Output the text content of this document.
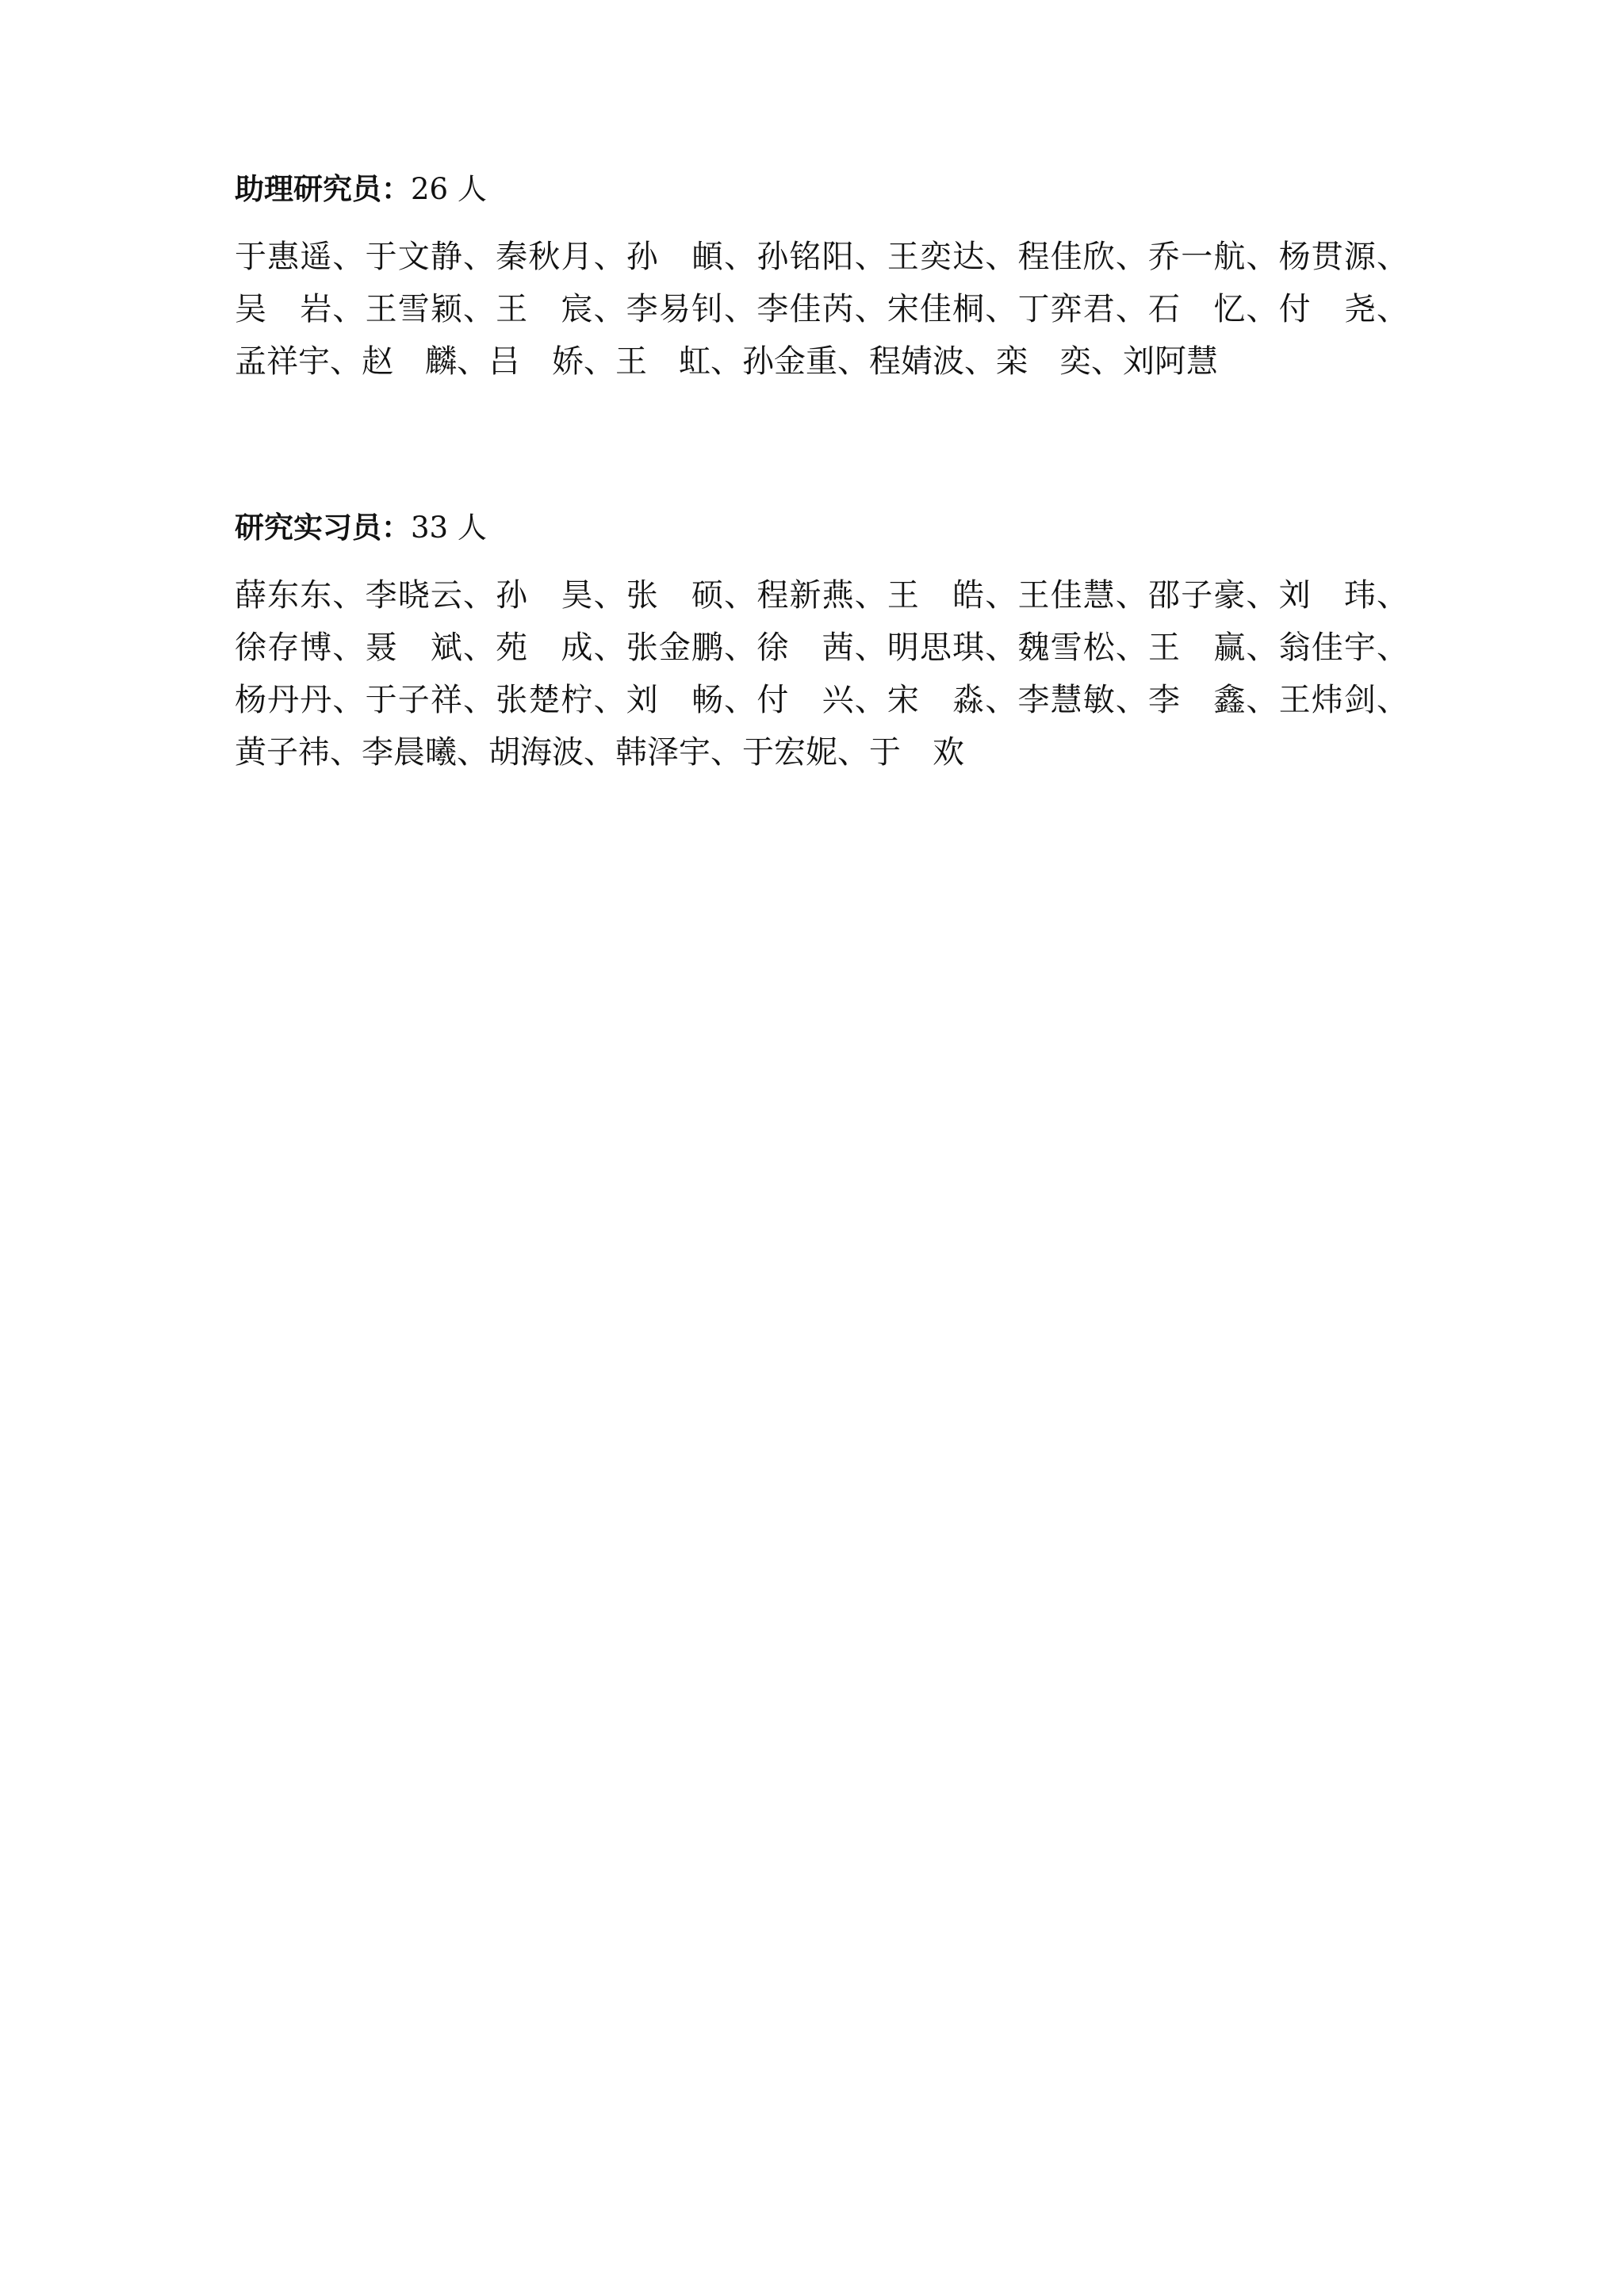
助理研究员：26 人

于惠遥、于文静、秦秋月、孙　頔、孙铭阳、王奕达、程佳欣、乔一航、杨贯源、吴　岩、王雪颖、王　宸、李易钊、李佳芮、宋佳桐、丁弈君、石　忆、付　尧、孟祥宇、赵　麟、吕　娇、王　虹、孙金重、程婧波、栾　奕、刘阿慧

研究实习员：33 人

薛东东、李晓云、孙　昊、张　硕、程新燕、王　皓、王佳慧、邵子豪、刘　玮、徐存博、聂　斌、苑　成、张金鹏、徐　茜、明思琪、魏雪松、王　赢、翁佳宇、杨丹丹、于子祥、张楚柠、刘　畅、付　兴、宋　淼、李慧敏、李　鑫、王炜剑、黄子祎、李晨曦、胡海波、韩泽宇、于宏妮、于　欢
